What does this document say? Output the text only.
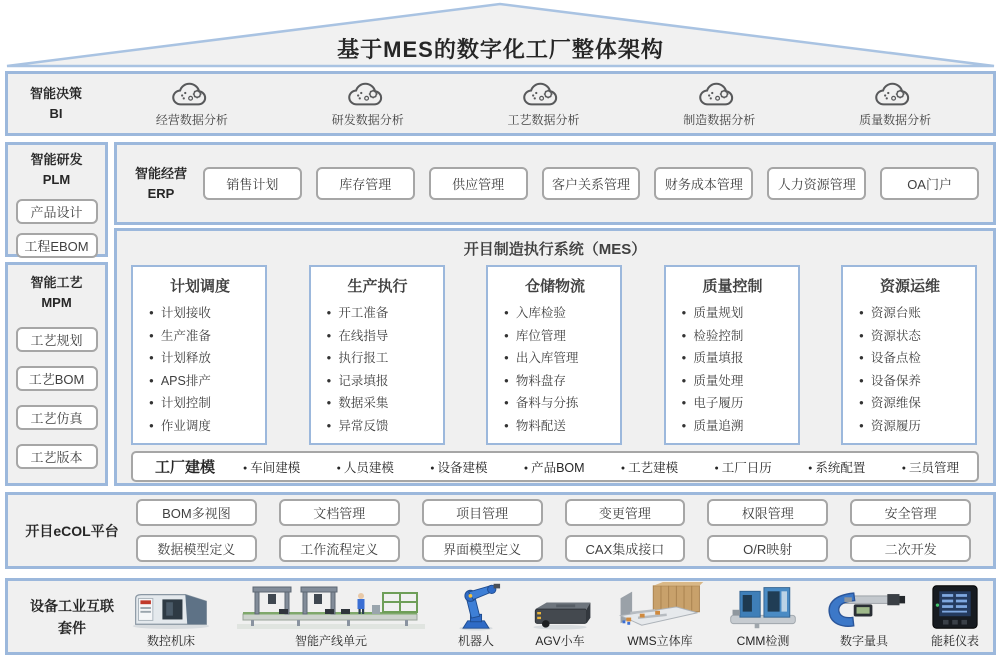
基于MES的数字化工厂整体架构
智能决策
BI	经营数据分析	研发数据分析	工艺数据分析	制造数据分析	质量数据分析
智能研发
PLM
产品设计
工程EBOM
智能经营
ERP
销售计划	库存管理	供应管理	客户关系管理	财务成本管理	人力资源管理	OA门户
智能工艺
MPM
工艺规划
工艺BOM
工艺仿真
工艺版本
开目制造执行系统（MES）
计划调度
● 计划接收
● 生产准备
● 计划释放
● APS排产
● 计划控制
● 作业调度
生产执行
● 开工准备
● 在线指导
● 执行报工
● 记录填报
● 数据采集
● 异常反馈
仓储物流
● 入库检验
● 库位管理
● 出入库管理
● 物料盘存
● 备料与分拣
● 物料配送
质量控制
● 质量规划
● 检验控制
● 质量填报
● 质量处理
● 电子履历
● 质量追溯
资源运维
● 资源台账
● 资源状态
● 设备点检
● 设备保养
● 资源维保
● 资源履历
工厂建模	● 车间建模	● 人员建模	● 设备建模	● 产品BOM	● 工艺建模	● 工厂日历	● 系统配置	● 三员管理
开目eCOL平台
BOM多视图	文档管理	项目管理	变更管理	权限管理	安全管理
数据模型定义	工作流程定义	界面模型定义	CAX集成接口	O/R映射	二次开发
设备工业互联
套件
数控机床	智能产线单元	机器人	AGV小车	WMS立体库	CMM检测	数字量具	能耗仪表
